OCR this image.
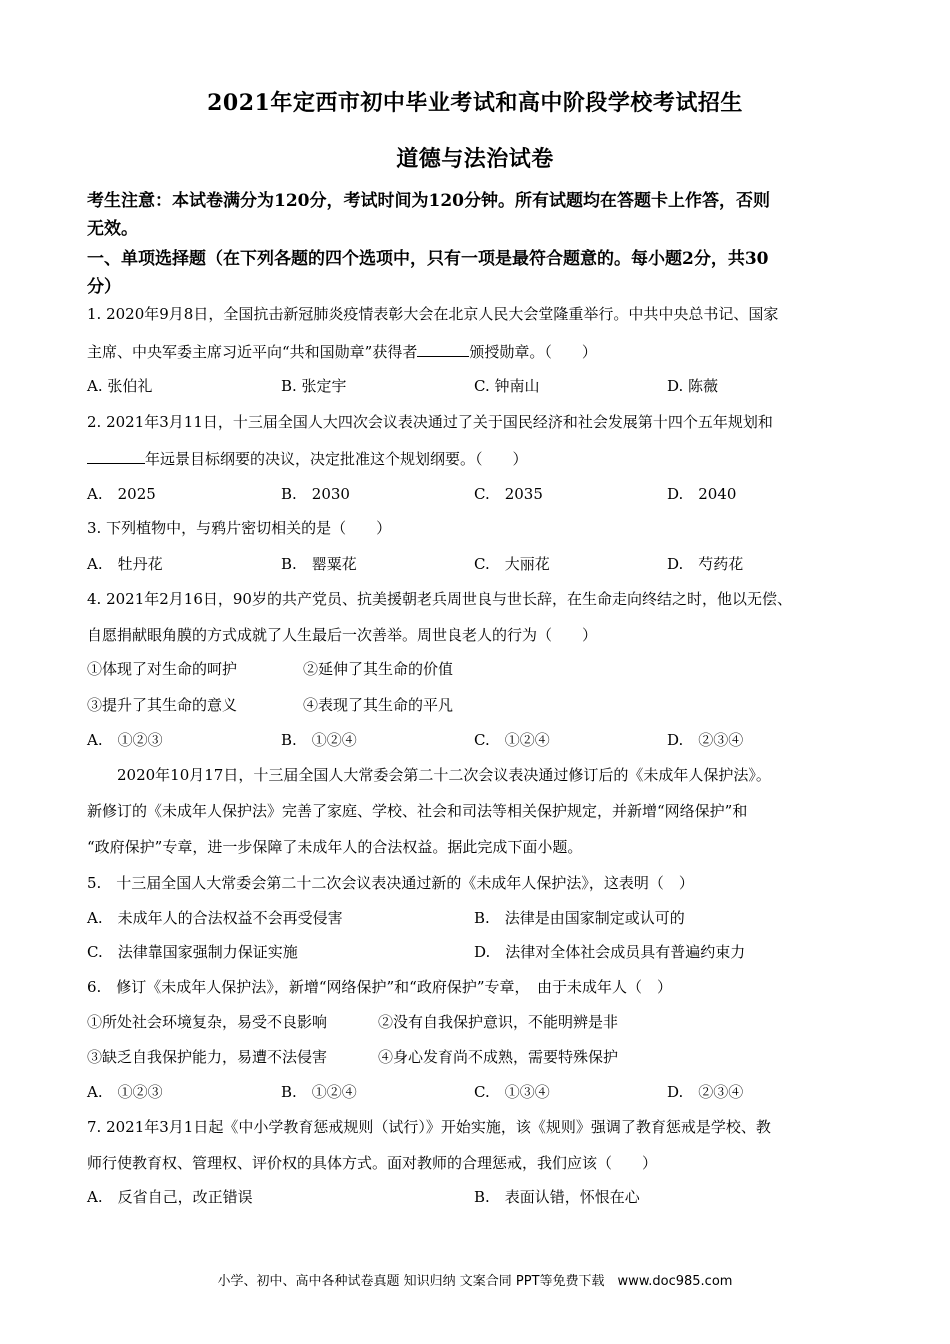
2021年定西市初中毕业考试和高中阶段学校考试招生
道德与法治试卷
考生注意：本试卷满分为120分，考试时间为120分钟。所有试题均在答题卡上作答，否则
无效。
一、单项选择题（在下列各题的四个选项中，只有一项是最符合题意的。每小题2分，共30
分）
1. 2020年9月8日，全国抗击新冠肺炎疫情表彰大会在北京人民大会堂隆重举行。中共中央总书记、国家
主席、中央军委主席习近平向“共和国勋章”获得者	颁授勋章。（　　）
A. 张伯礼	B. 张定宇	C. 钟南山	D. 陈薇
2. 2021年3月11日，十三届全国人大四次会议表决通过了关于国民经济和社会发展第十四个五年规划和
年远景目标纲要的决议，决定批准这个规划纲要。（　　）
A.　2025	B.　2030	C.　2035	D.　2040
3. 下列植物中，与鸦片密切相关的是（　　）
A.　牡丹花	B.　罂粟花	C.　大丽花	D.　芍药花
4. 2021年2月16日，90岁的共产党员、抗美援朝老兵周世良与世长辞，在生命走向终结之时，他以无偿、
自愿捐献眼角膜的方式成就了人生最后一次善举。周世良老人的行为（　　）
①体现了对生命的呵护	②延伸了其生命的价值
③提升了其生命的意义	④表现了其生命的平凡
A.　①②③	B.　①②④	C.　①②④	D.　②③④
2020年10月17日，十三届全国人大常委会第二十二次会议表决通过修订后的《未成年人保护法》。
新修订的《未成年人保护法》完善了家庭、学校、社会和司法等相关保护规定，并新增“网络保护”和
“政府保护”专章，进一步保障了未成年人的合法权益。据此完成下面小题。
5.　十三届全国人大常委会第二十二次会议表决通过新的《未成年人保护法》，这表明（　）
A.　未成年人的合法权益不会再受侵害	B.　法律是由国家制定或认可的
C.　法律靠国家强制力保证实施	D.　法律对全体社会成员具有普遍约束力
6.　修订《未成年人保护法》，新增“网络保护”和“政府保护”专章，　由于未成年人（　）
①所处社会环境复杂，易受不良影响	②没有自我保护意识，不能明辨是非
③缺乏自我保护能力，易遭不法侵害	④身心发育尚不成熟，需要特殊保护
A.　①②③	B.　①②④	C.　①③④	D.　②③④
7. 2021年3月1日起《中小学教育惩戒规则（试行）》开始实施，该《规则》强调了教育惩戒是学校、教
师行使教育权、管理权、评价权的具体方式。面对教师的合理惩戒，我们应该（　　）
A.　反省自己，改正错误	B.　表面认错，怀恨在心
小学、初中、高中各种试卷真题 知识归纳 文案合同 PPT等免费下载　www.doc985.com
